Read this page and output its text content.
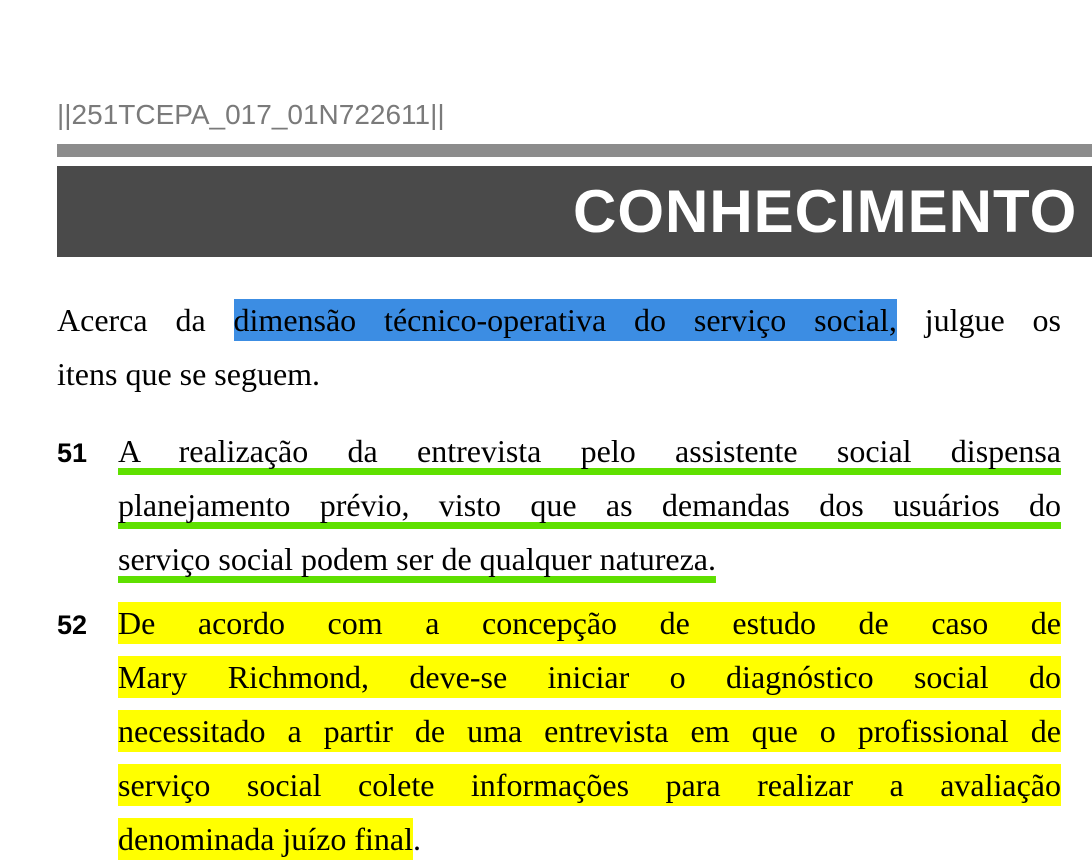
||251TCEPA_017_01N722611||
CONHECIMENTO
Acerca da dimensão técnico-operativa do serviço social, julgue os
itens que se seguem.
51 A realização da entrevista pelo assistente social dispensa
planejamento prévio, visto que as demandas dos usuários do
serviço social podem ser de qualquer natureza.
52 De acordo com a concepção de estudo de caso de
Mary Richmond, deve-se iniciar o diagnóstico social do
necessitado a partir de uma entrevista em que o profissional de
serviço social colete informações para realizar a avaliação
denominada juízo final.
